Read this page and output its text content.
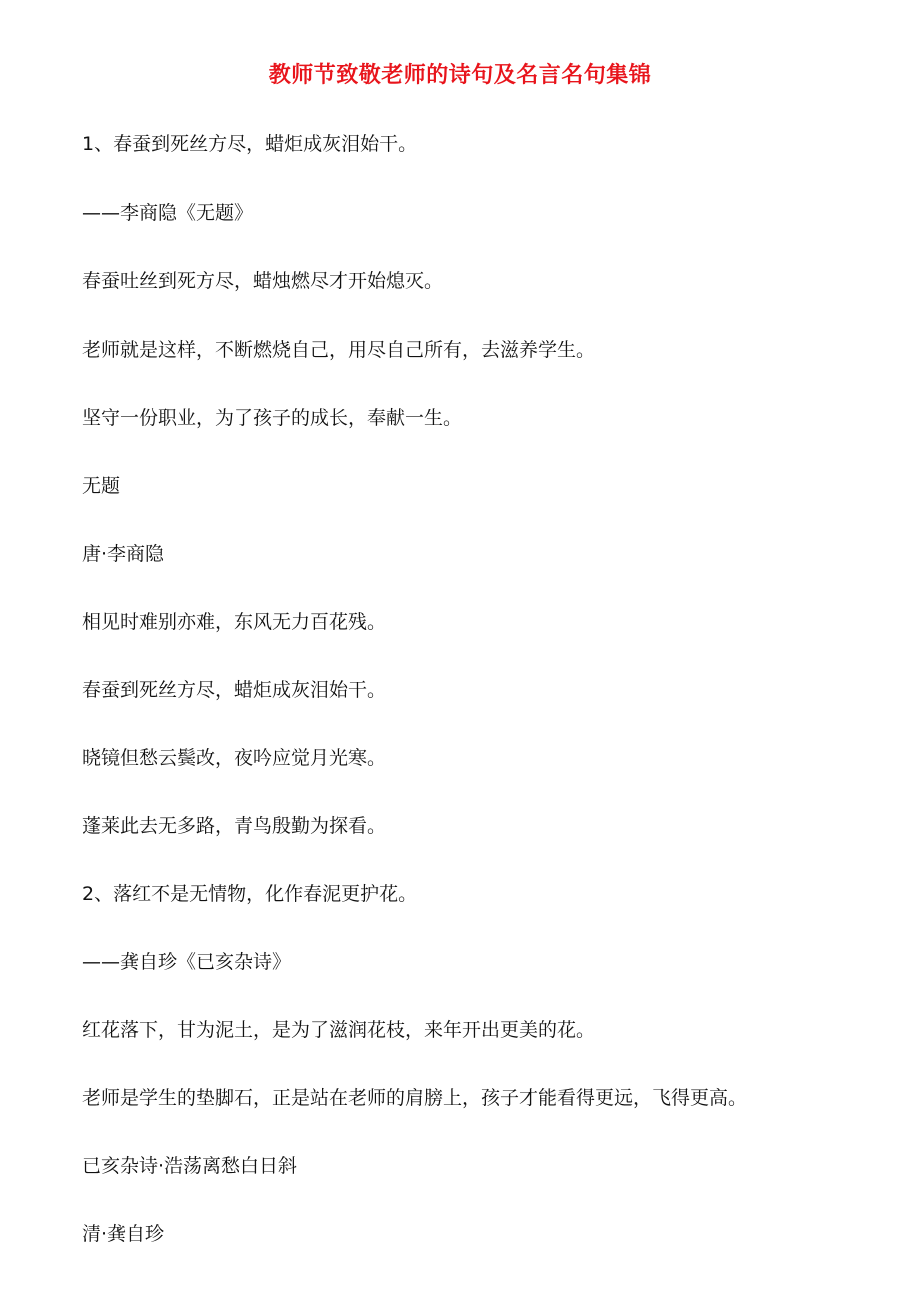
教师节致敬老师的诗句及名言名句集锦
1、春蚕到死丝方尽，蜡炬成灰泪始干。
——李商隐《无题》
春蚕吐丝到死方尽，蜡烛燃尽才开始熄灭。
老师就是这样，不断燃烧自己，用尽自己所有，去滋养学生。
坚守一份职业，为了孩子的成长，奉献一生。
无题
唐·李商隐
相见时难别亦难，东风无力百花残。
春蚕到死丝方尽，蜡炬成灰泪始干。
晓镜但愁云鬓改，夜吟应觉月光寒。
蓬莱此去无多路，青鸟殷勤为探看。
2、落红不是无情物，化作春泥更护花。
——龚自珍《已亥杂诗》
红花落下，甘为泥土，是为了滋润花枝，来年开出更美的花。
老师是学生的垫脚石，正是站在老师的肩膀上，孩子才能看得更远，飞得更高。
已亥杂诗·浩荡离愁白日斜
清·龚自珍
